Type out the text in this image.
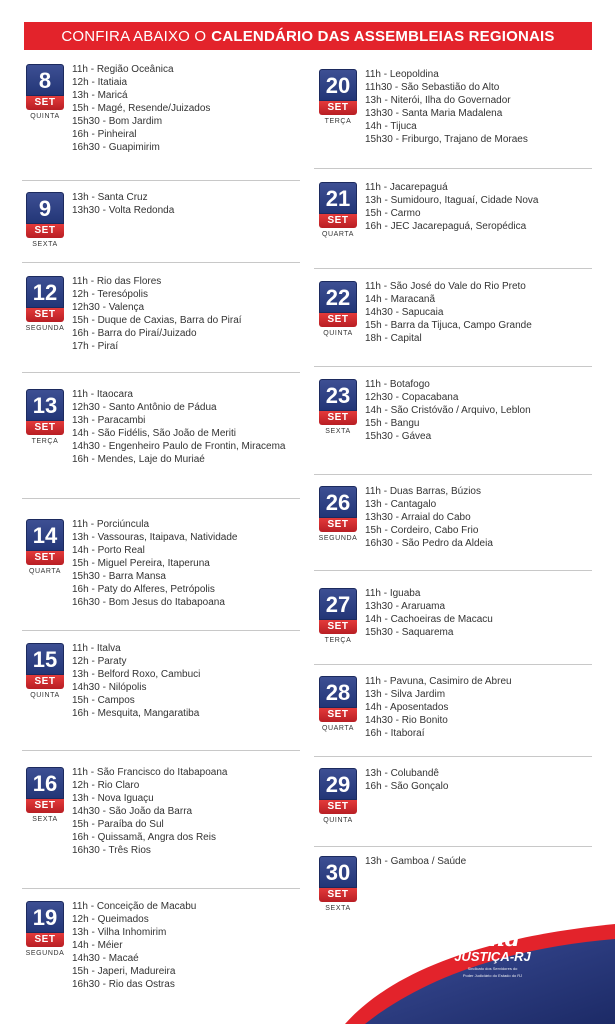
CONFIRA ABAIXO O CALENDÁRIO DAS ASSEMBLEIAS REGIONAIS
8
SET
QUINTA
11h - Região Oceânica
12h - Itatiaia
13h - Maricá
15h - Magé, Resende/Juizados
15h30 - Bom Jardim
16h - Pinheiral
16h30 - Guapimirim
9
SET
SEXTA
13h - Santa Cruz
13h30 - Volta Redonda
12
SET
SEGUNDA
11h - Rio das Flores
12h - Teresópolis
12h30 - Valença
15h - Duque de Caxias, Barra do Piraí
16h - Barra do Piraí/Juizado
17h - Piraí
13
SET
TERÇA
11h - Itaocara
12h30 - Santo Antônio de Pádua
13h - Paracambi
14h - São Fidélis, São João de Meriti
14h30 - Engenheiro Paulo de Frontin, Miracema
16h - Mendes, Laje do Muriaé
14
SET
QUARTA
11h - Porciúncula
13h - Vassouras, Itaipava, Natividade
14h - Porto Real
15h - Miguel Pereira, Itaperuna
15h30 - Barra Mansa
16h - Paty do Alferes, Petrópolis
16h30 - Bom Jesus do Itabapoana
15
SET
QUINTA
11h - Italva
12h - Paraty
13h - Belford Roxo, Cambuci
14h30 - Nilópolis
15h - Campos
16h - Mesquita, Mangaratiba
16
SET
SEXTA
11h - São Francisco do Itabapoana
12h - Rio Claro
13h - Nova Iguaçu
14h30 - São João da Barra
15h - Paraíba do Sul
16h - Quissamã, Angra dos Reis
16h30 - Três Rios
19
SET
SEGUNDA
11h - Conceição de Macabu
12h - Queimados
13h - Vilha Inhomirim
14h - Méier
14h30 - Macaé
15h - Japeri, Madureira
16h30 - Rio das Ostras
20
SET
TERÇA
11h - Leopoldina
11h30 - São Sebastião do Alto
13h - Niterói, Ilha do Governador
13h30 - Santa Maria Madalena
14h - Tijuca
15h30 - Friburgo, Trajano de Moraes
21
SET
QUARTA
11h - Jacarepaguá
13h - Sumidouro, Itaguaí, Cidade Nova
15h - Carmo
16h - JEC Jacarepaguá, Seropédica
22
SET
QUINTA
11h - São José do Vale do Rio Preto
14h - Maracanã
14h30 - Sapucaia
15h - Barra da Tijuca, Campo Grande
18h - Capital
23
SET
SEXTA
11h - Botafogo
12h30 - Copacabana
14h - São Cristóvão / Arquivo, Leblon
15h - Bangu
15h30 - Gávea
26
SET
SEGUNDA
11h - Duas Barras, Búzios
13h - Cantagalo
13h30 - Arraial do Cabo
15h - Cordeiro, Cabo Frio
16h30 - São Pedro da Aldeia
27
SET
TERÇA
11h - Iguaba
13h30 - Araruama
14h - Cachoeiras de Macacu
15h30 - Saquarema
28
SET
QUARTA
11h - Pavuna, Casimiro de Abreu
13h - Silva Jardim
14h - Aposentados
14h30 - Rio Bonito
16h - Itaboraí
29
SET
QUINTA
13h - Colubandê
16h - São Gonçalo
30
SET
SEXTA
13h - Gamboa / Saúde
Sind
JUSTIÇA-RJ
Sindicato dos Servidores do
Poder Judiciário do Estado do RJ
